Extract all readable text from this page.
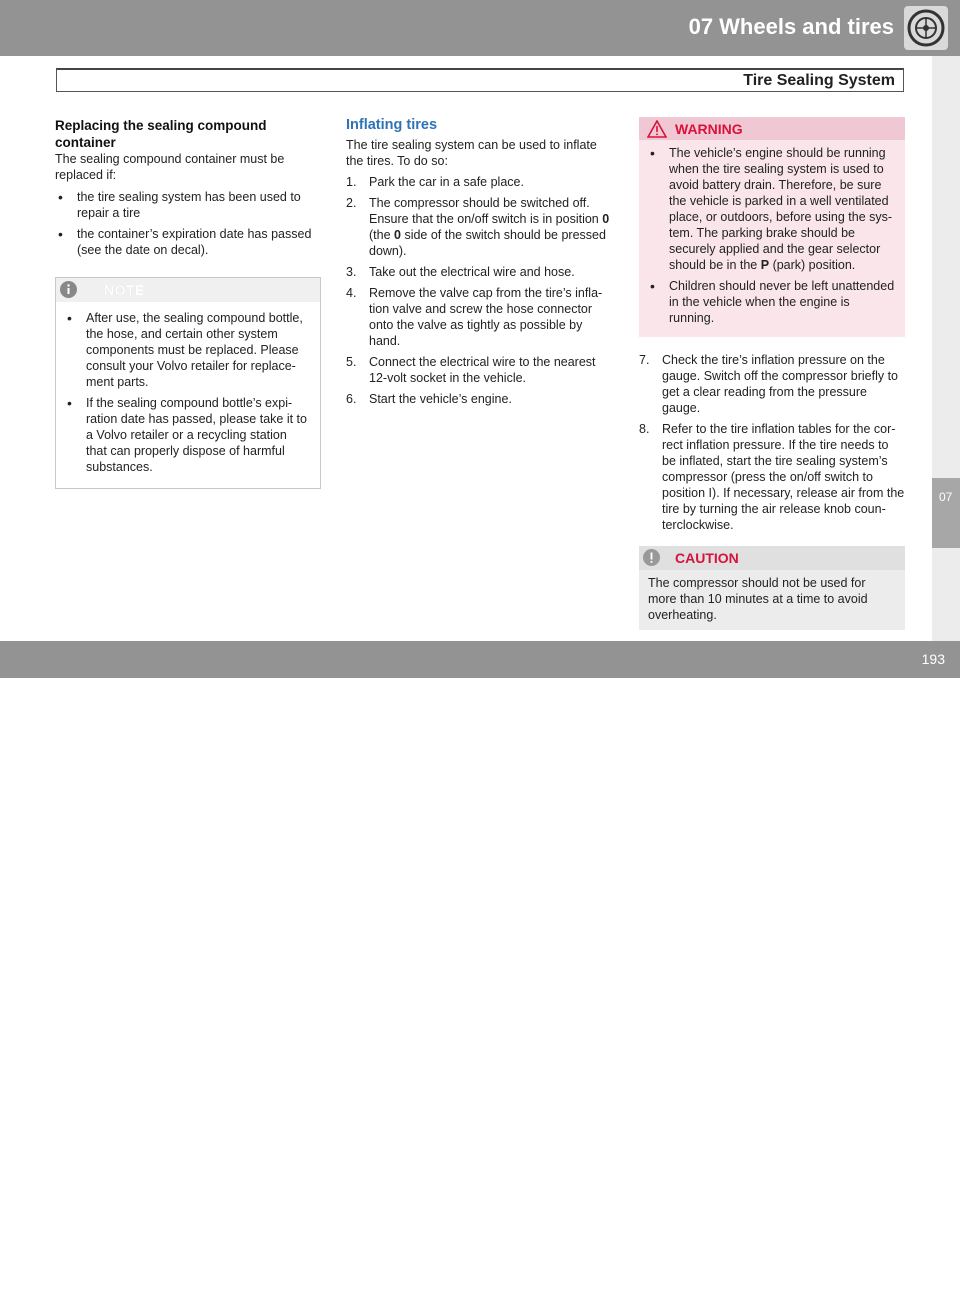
07 Wheels and tires
Tire Sealing System
07
Replacing the sealing compound container

The sealing compound container must be replaced if:

• the tire sealing system has been used to repair a tire
• the container’s expiration date has passed (see the date on decal).
NOTE
• After use, the sealing compound bottle, the hose, and certain other system components must be replaced. Please consult your Volvo retailer for replace-ment parts.
• If the sealing compound bottle’s expi-ration date has passed, please take it to a Volvo retailer or a recycling station that can properly dispose of harmful substances.
Inflating tires

The tire sealing system can be used to inflate the tires. To do so:

1. Park the car in a safe place.
2. The compressor should be switched off. Ensure that the on/off switch is in position 0 (the 0 side of the switch should be pressed down).
3. Take out the electrical wire and hose.
4. Remove the valve cap from the tire’s infla-tion valve and screw the hose connector onto the valve as tightly as possible by hand.
5. Connect the electrical wire to the nearest 12-volt socket in the vehicle.
6. Start the vehicle’s engine.
WARNING
• The vehicle’s engine should be running when the tire sealing system is used to avoid battery drain. Therefore, be sure the vehicle is parked in a well ventilated place, or outdoors, before using the sys-tem. The parking brake should be securely applied and the gear selector should be in the P (park) position.
• Children should never be left unattended in the vehicle when the engine is running.
7. Check the tire’s inflation pressure on the gauge. Switch off the compressor briefly to get a clear reading from the pressure gauge.
8. Refer to the tire inflation tables for the cor-rect inflation pressure. If the tire needs to be inflated, start the tire sealing system’s compressor (press the on/off switch to position I). If necessary, release air from the tire by turning the air release knob coun-terclockwise.
CAUTION
The compressor should not be used for more than 10 minutes at a time to avoid overheating.
carmanualsonline.info
193
